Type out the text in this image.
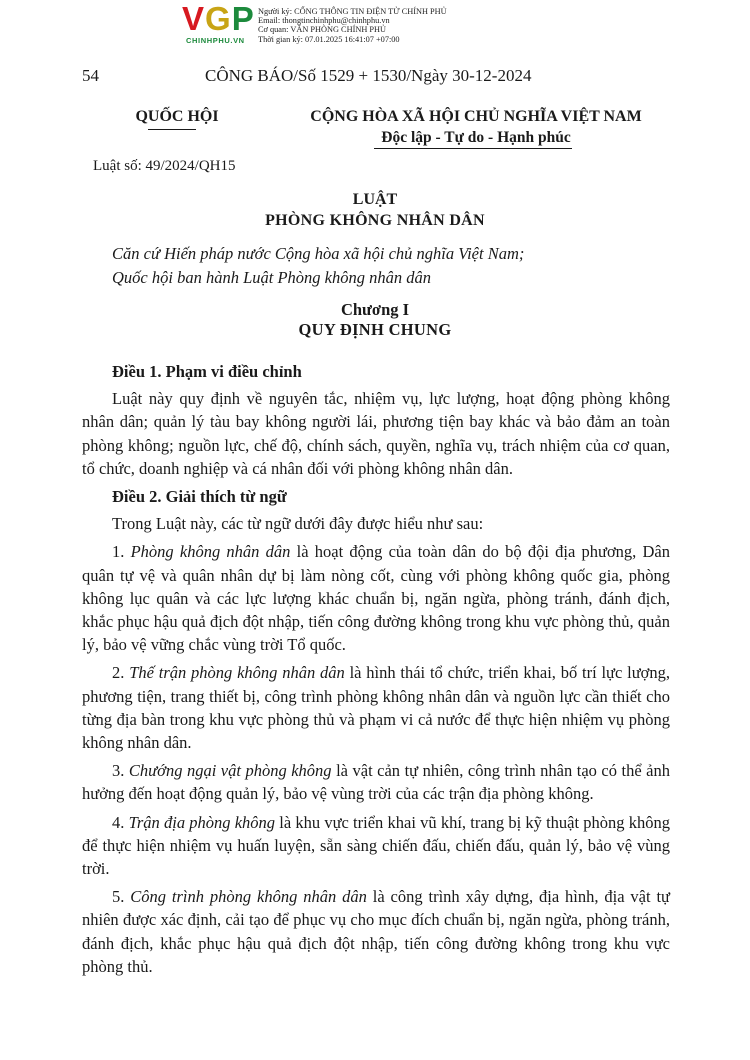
VGP
CHINHPHU.VN
Người ký: CỔNG THÔNG TIN ĐIỆN TỬ CHÍNH PHỦ
Email: thongtinchinhphu@chinhphu.vn
Cơ quan: VĂN PHÒNG CHÍNH PHỦ
Thời gian ký: 07.01.2025 16:41:07 +07:00
54	CÔNG BÁO/Số 1529 + 1530/Ngày 30-12-2024
QUỐC HỘI	CỘNG HÒA XÃ HỘI CHỦ NGHĨA VIỆT NAM
Độc lập - Tự do - Hạnh phúc
Luật số: 49/2024/QH15
LUẬT
PHÒNG KHÔNG NHÂN DÂN
Căn cứ Hiến pháp nước Cộng hòa xã hội chủ nghĩa Việt Nam;
Quốc hội ban hành Luật Phòng không nhân dân
Chương I
QUY ĐỊNH CHUNG

Điều 1. Phạm vi điều chỉnh

Luật này quy định về nguyên tắc, nhiệm vụ, lực lượng, hoạt động phòng không nhân dân; quản lý tàu bay không người lái, phương tiện bay khác và bảo đảm an toàn phòng không; nguồn lực, chế độ, chính sách, quyền, nghĩa vụ, trách nhiệm của cơ quan, tổ chức, doanh nghiệp và cá nhân đối với phòng không nhân dân.

Điều 2. Giải thích từ ngữ

Trong Luật này, các từ ngữ dưới đây được hiểu như sau:

1. Phòng không nhân dân là hoạt động của toàn dân do bộ đội địa phương, Dân quân tự vệ và quân nhân dự bị làm nòng cốt, cùng với phòng không quốc gia, phòng không lục quân và các lực lượng khác chuẩn bị, ngăn ngừa, phòng tránh, đánh địch, khắc phục hậu quả địch đột nhập, tiến công đường không trong khu vực phòng thủ, quản lý, bảo vệ vững chắc vùng trời Tổ quốc.

2. Thế trận phòng không nhân dân là hình thái tổ chức, triển khai, bố trí lực lượng, phương tiện, trang thiết bị, công trình phòng không nhân dân và nguồn lực cần thiết cho từng địa bàn trong khu vực phòng thủ và phạm vi cả nước để thực hiện nhiệm vụ phòng không nhân dân.

3. Chướng ngại vật phòng không là vật cản tự nhiên, công trình nhân tạo có thể ảnh hưởng đến hoạt động quản lý, bảo vệ vùng trời của các trận địa phòng không.

4. Trận địa phòng không là khu vực triển khai vũ khí, trang bị kỹ thuật phòng không để thực hiện nhiệm vụ huấn luyện, sẵn sàng chiến đấu, chiến đấu, quản lý, bảo vệ vùng trời.

5. Công trình phòng không nhân dân là công trình xây dựng, địa hình, địa vật tự nhiên được xác định, cải tạo để phục vụ cho mục đích chuẩn bị, ngăn ngừa, phòng tránh, đánh địch, khắc phục hậu quả địch đột nhập, tiến công đường không trong khu vực phòng thủ.
